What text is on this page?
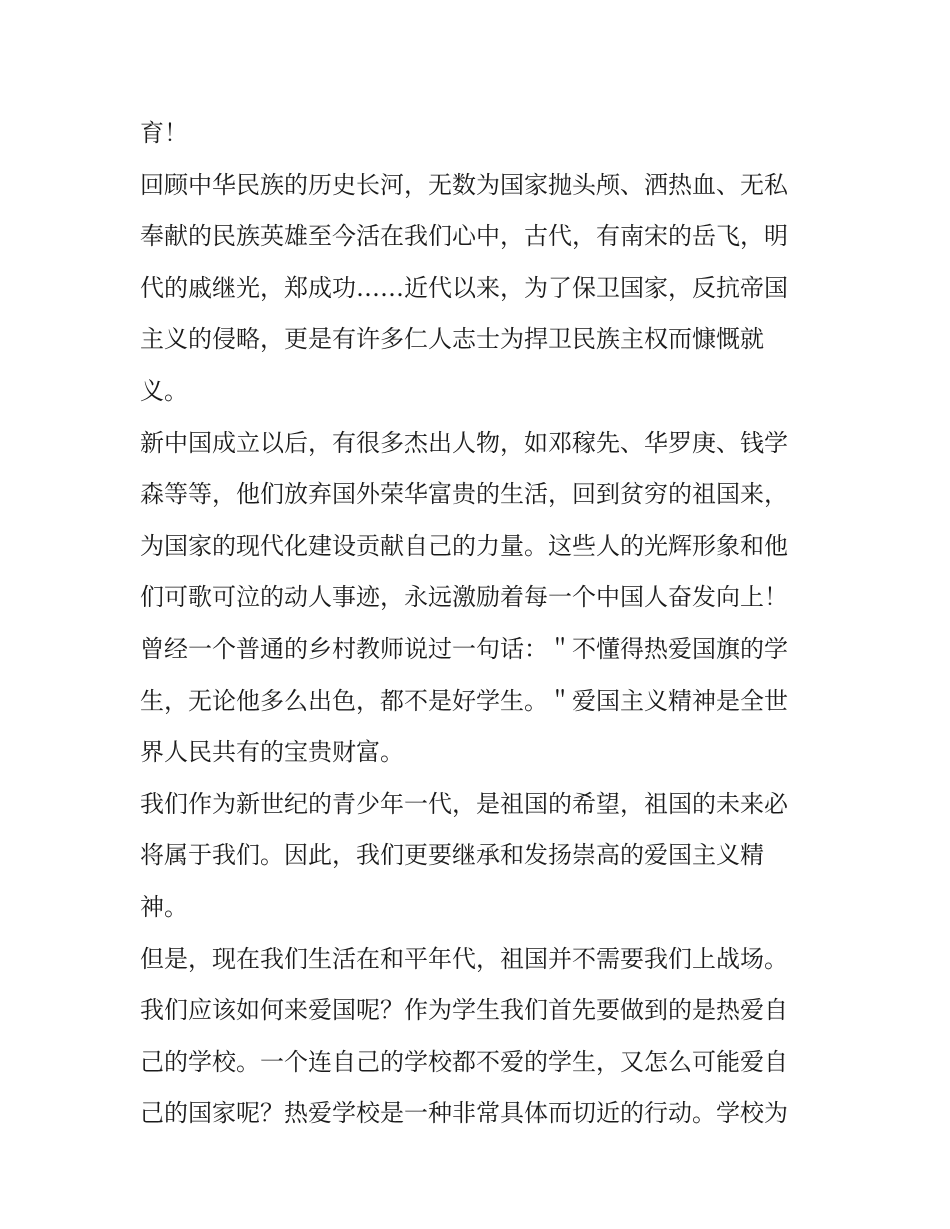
育！
回顾中华民族的历史长河，无数为国家抛头颅、洒热血、无私
奉献的民族英雄至今活在我们心中，古代，有南宋的岳飞，明
代的戚继光，郑成功……近代以来，为了保卫国家，反抗帝国
主义的侵略，更是有许多仁人志士为捍卫民族主权而慷慨就
义。
新中国成立以后，有很多杰出人物，如邓稼先、华罗庚、钱学
森等等，他们放弃国外荣华富贵的生活，回到贫穷的祖国来，
为国家的现代化建设贡献自己的力量。这些人的光辉形象和他
们可歌可泣的动人事迹，永远激励着每一个中国人奋发向上！
曾经一个普通的乡村教师说过一句话：＂不懂得热爱国旗的学
生，无论他多么出色，都不是好学生。＂爱国主义精神是全世
界人民共有的宝贵财富。
我们作为新世纪的青少年一代，是祖国的希望，祖国的未来必
将属于我们。因此，我们更要继承和发扬崇高的爱国主义精
神。
但是，现在我们生活在和平年代，祖国并不需要我们上战场。
我们应该如何来爱国呢？作为学生我们首先要做到的是热爱自
己的学校。一个连自己的学校都不爱的学生，又怎么可能爱自
己的国家呢？热爱学校是一种非常具体而切近的行动。学校为
